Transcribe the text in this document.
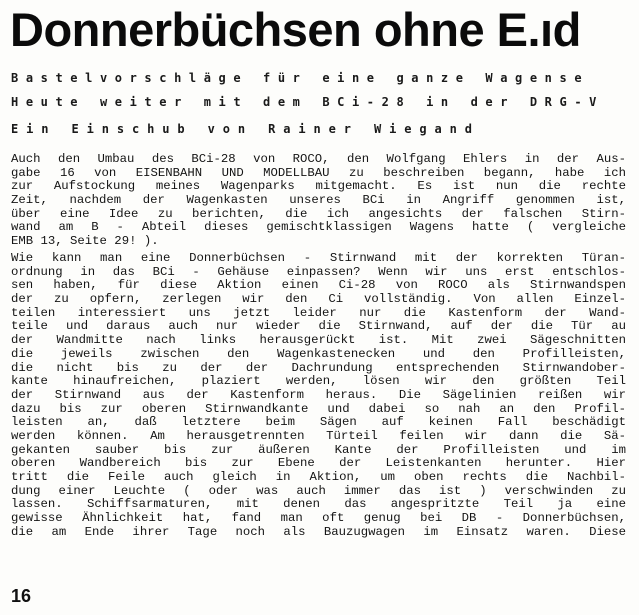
Donnerbüchsen ohne E.ıd

Bastelvorschläge für eine ganze Wagense

Heute weiter mit dem BCi-28 in der DRG-V

Ein Einschub von Rainer Wiegand

Auch den Umbau des BCi-28 von ROCO, den Wolfgang Ehlers in der Aus-
gabe 16 von EISENBAHN UND MODELLBAU zu beschreiben begann, habe ich
zur Aufstockung meines Wagenparks mitgemacht. Es ist nun die rechte
Zeit, nachdem der Wagenkasten unseres BCi in Angriff genommen ist,
über eine Idee zu berichten, die ich angesichts der falschen Stirn-
wand am B - Abteil dieses gemischtklassigen Wagens hatte ( vergleiche
EMB 13, Seite 29! ).
Wie kann man eine Donnerbüchsen - Stirnwand mit der korrekten Türan-
ordnung in das BCi - Gehäuse einpassen? Wenn wir uns erst entschlos-
sen haben, für diese Aktion einen Ci-28 von ROCO als Stirnwandspen
der zu opfern, zerlegen wir den Ci vollständig. Von allen Einzel-
teilen interessiert uns jetzt leider nur die Kastenform der Wand-
teile und daraus auch nur wieder die Stirnwand, auf der die Tür au
der Wandmitte nach links herausgerückt ist. Mit zwei Sägeschnitten
die jeweils zwischen den Wagenkastenecken und den Profilleisten,
die nicht bis zu der der Dachrundung entsprechenden Stirnwandober-
kante hinaufreichen, plaziert werden, lösen wir den größten Teil
der Stirnwand aus der Kastenform heraus. Die Sägelinien reißen wir
dazu bis zur oberen Stirnwandkante und dabei so nah an den Profil-
leisten an, daß letztere beim Sägen auf keinen Fall beschädigt
werden können. Am herausgetrennten Türteil feilen wir dann die Sä-
gekanten sauber bis zur äußeren Kante der Profilleisten und im
oberen Wandbereich bis zur Ebene der Leistenkanten herunter. Hier
tritt die Feile auch gleich in Aktion, um oben rechts die Nachbil-
dung einer Leuchte ( oder was auch immer das ist ) verschwinden zu
lassen. Schiffsarmaturen, mit denen das angespritzte Teil ja eine
gewisse Ähnlichkeit hat, fand man oft genug bei DB - Donnerbüchsen,
die am Ende ihrer Tage noch als Bauzugwagen im Einsatz waren. Diese

16
